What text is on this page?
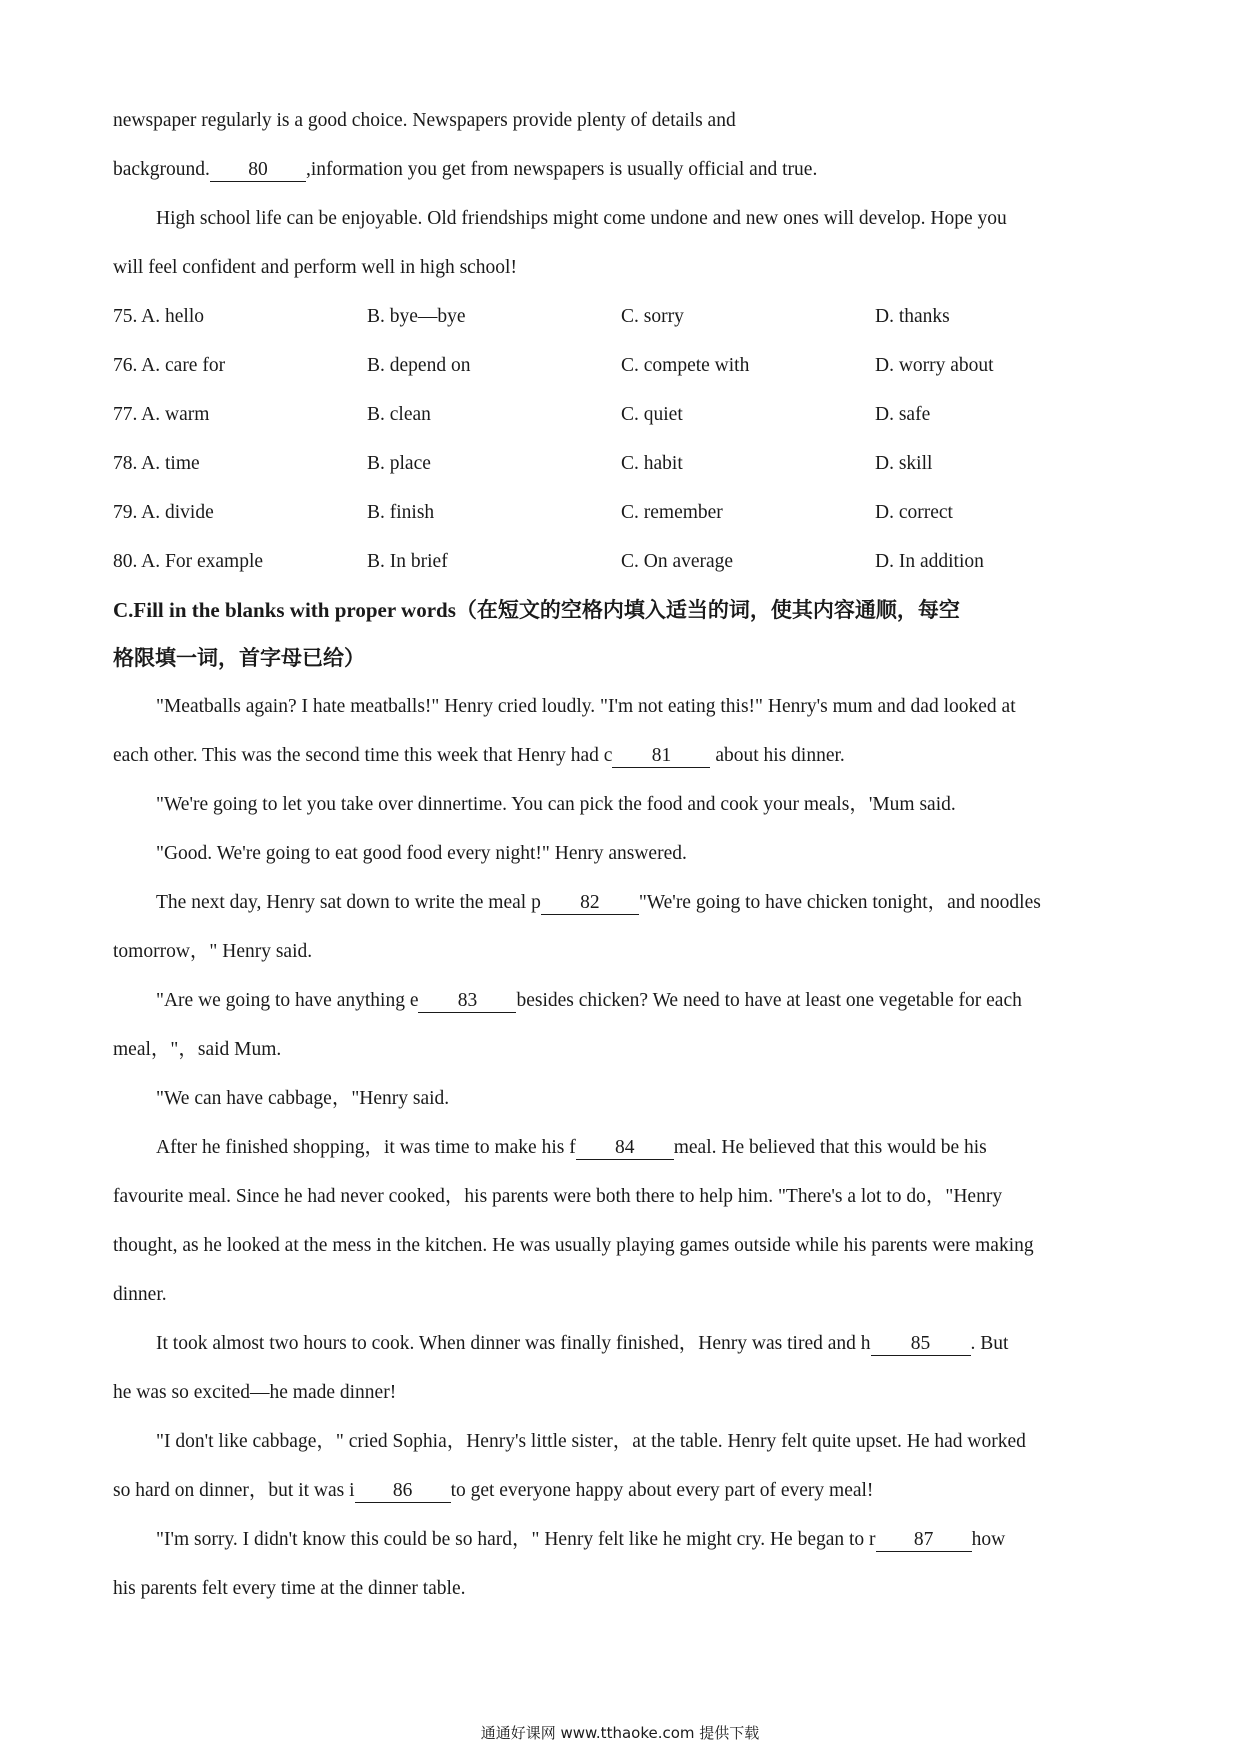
newspaper regularly is a good choice. Newspapers provide plenty of details and
background. 80 ,information you get from newspapers is usually official and true.
High school life can be enjoyable. Old friendships might come undone and new ones will develop. Hope you
will feel confident and perform well in high school!
75. A. hello	B. bye—bye	C. sorry	D. thanks
76. A. care for	B. depend on	C. compete with	D. worry about
77. A. warm	B. clean	C. quiet	D. safe
78. A. time	B. place	C. habit	D. skill
79. A. divide	B. finish	C. remember	D. correct
80. A. For example	B. In brief	C. On average	D. In addition
C.Fill in the blanks with proper words（在短文的空格内填入适当的词，使其内容通顺，每空
格限填一词，首字母已给）
"Meatballs again? I hate meatballs!" Henry cried loudly. "I'm not eating this!" Henry's mum and dad looked at
each other. This was the second time this week that Henry had c 81 about his dinner.
"We're going to let you take over dinnertime. You can pick the food and cook your meals，'Mum said.
"Good. We're going to eat good food every night!" Henry answered.
The next day, Henry sat down to write the meal p 82 "We're going to have chicken tonight，and noodles
tomorrow，" Henry said.
"Are we going to have anything e 83 besides chicken? We need to have at least one vegetable for each
meal，"，said Mum.
"We can have cabbage，"Henry said.
After he finished shopping，it was time to make his f 84 meal. He believed that this would be his
favourite meal. Since he had never cooked，his parents were both there to help him. "There's a lot to do，"Henry
thought, as he looked at the mess in the kitchen. He was usually playing games outside while his parents were making
dinner.
It took almost two hours to cook. When dinner was finally finished，Henry was tired and h 85 . But
he was so excited—he made dinner!
"I don't like cabbage，" cried Sophia，Henry's little sister，at the table. Henry felt quite upset. He had worked
so hard on dinner，but it was i 86 to get everyone happy about every part of every meal!
"I'm sorry. I didn't know this could be so hard，" Henry felt like he might cry. He began to r 87 how
his parents felt every time at the dinner table.
通通好课网 www.tthaoke.com 提供下载
